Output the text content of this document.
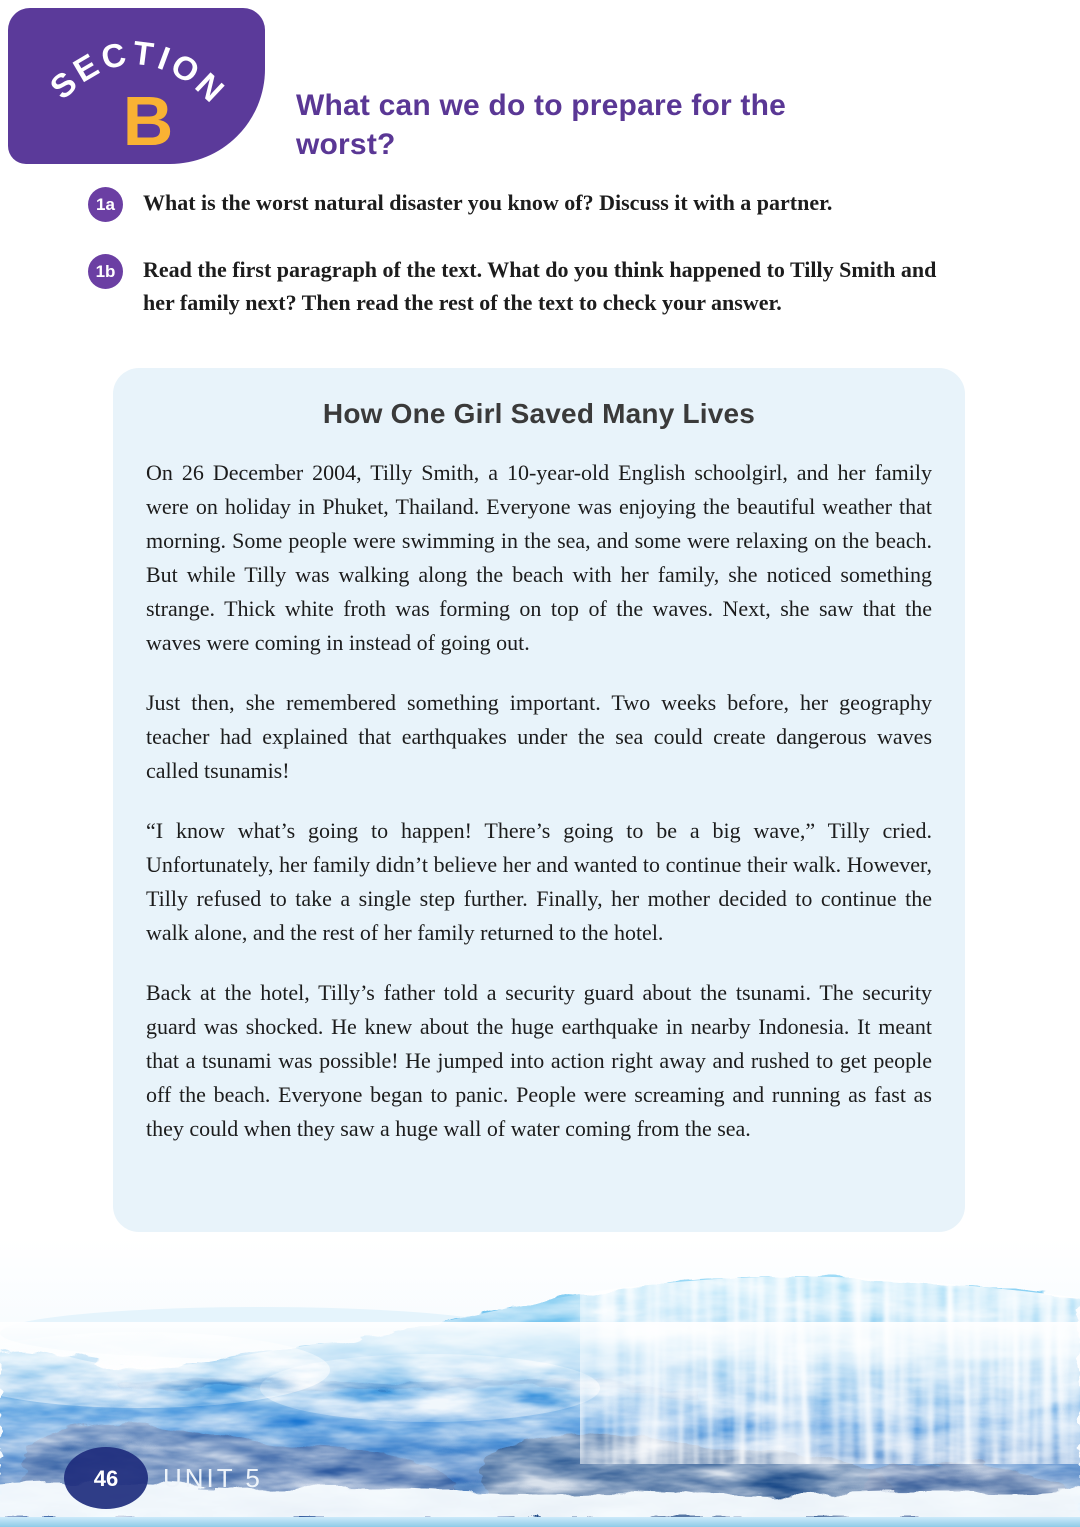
SECTION
B	What can we do to prepare for the worst?
1a	What is the worst natural disaster you know of? Discuss it with a partner.
1b	Read the first paragraph of the text. What do you think happened to Tilly Smith and her family next? Then read the rest of the text to check your answer.
How One Girl Saved Many Lives

On 26 December 2004, Tilly Smith, a 10-year-old English schoolgirl, and her family were on holiday in Phuket, Thailand. Everyone was enjoying the beautiful weather that morning. Some people were swimming in the sea, and some were relaxing on the beach. But while Tilly was walking along the beach with her family, she noticed something strange. Thick white froth was forming on top of the waves. Next, she saw that the waves were coming in instead of going out.

Just then, she remembered something important. Two weeks before, her geography teacher had explained that earthquakes under the sea could create dangerous waves called tsunamis!

“I know what’s going to happen! There’s going to be a big wave,” Tilly cried. Unfortunately, her family didn’t believe her and wanted to continue their walk. However, Tilly refused to take a single step further. Finally, her mother decided to continue the walk alone, and the rest of her family returned to the hotel.

Back at the hotel, Tilly’s father told a security guard about the tsunami. The security guard was shocked. He knew about the huge earthquake in nearby Indonesia. It meant that a tsunami was possible! He jumped into action right away and rushed to get people off the beach. Everyone began to panic. People were screaming and running as fast as they could when they saw a huge wall of water coming from the sea.

46 UNIT 5
